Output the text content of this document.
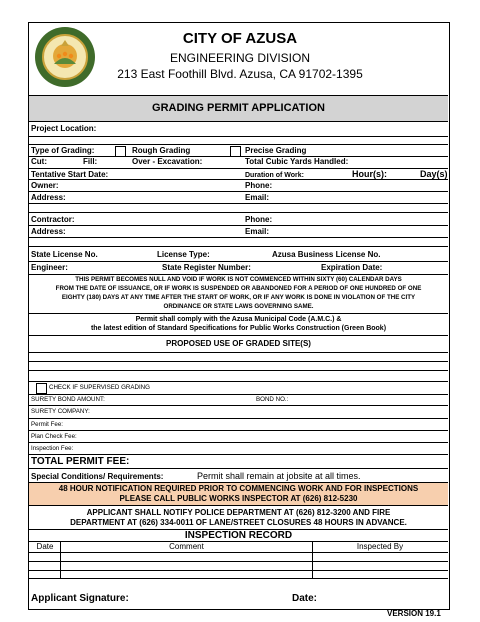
CITY OF AZUSA
ENGINEERING DIVISION
213 East Foothill Blvd. Azusa, CA 91702-1395
GRADING PERMIT APPLICATION
Project Location:
Type of Grading:	Rough Grading	Precise Grading
Cut:	Fill:	Over - Excavation:	Total Cubic Yards Handled:
Tentative Start Date:	Duration of Work:	Hour(s):	Day(s)
Owner:	Phone:
Address:	Email:
Contractor:	Phone:
Address:	Email:
State License No.	License Type:	Azusa Business License No.
Engineer:	State Register Number:	Expiration Date:
THIS PERMIT BECOMES NULL AND VOID IF WORK IS NOT COMMENCED WITHIN SIXTY (60) CALENDAR DAYS
FROM THE DATE OF ISSUANCE, OR IF WORK IS SUSPENDED OR ABANDONED FOR A PERIOD OF ONE HUNDRED OF ONE
EIGHTY (180) DAYS AT ANY TIME AFTER THE START OF WORK, OR IF ANY WORK IS DONE IN VIOLATION OF THE CITY
ORDINANCE OR STATE LAWS GOVERNING SAME.
Permit shall comply with the Azusa Municipal Code (A.M.C.) &
the latest edition of Standard Specifications for Public Works Construction (Green Book)
PROPOSED USE OF GRADED SITE(S)
CHECK IF SUPERVISED GRADING
SURETY BOND AMOUNT:	BOND NO.:
SURETY COMPANY:
Permit Fee:
Plan Check Fee:
Inspection Fee:
TOTAL PERMIT FEE:
Special Conditions/ Requirements:	Permit shall remain at jobsite at all times.
48 HOUR NOTIFICATION REQUIRED PRIOR TO COMMENCING WORK AND FOR INSPECTIONS
PLEASE CALL PUBLIC WORKS INSPECTOR AT (626) 812-5230
APPLICANT SHALL NOTIFY POLICE DEPARTMENT AT (626) 812-3200 AND FIRE
DEPARTMENT AT (626) 334-0011 OF LANE/STREET CLOSURES 48 HOURS IN ADVANCE.
INSPECTION RECORD
Date	Comment	Inspected By
Applicant Signature:	Date:
VERSION 19.1
